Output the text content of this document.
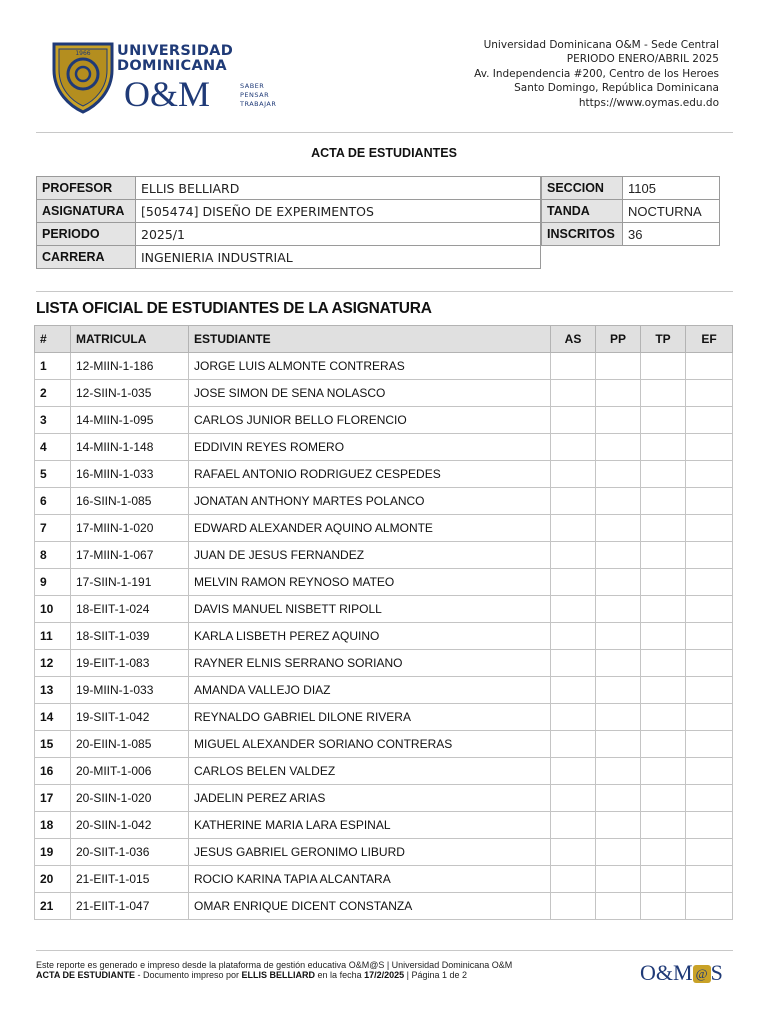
1966 UNIVERSIDAD
DOMINICANA
O&M	SABER
PENSAR
TRABAJAR
Universidad Dominicana O&M - Sede Central
PERIODO ENERO/ABRIL 2025
Av. Independencia #200, Centro de los Heroes
Santo Domingo, República Dominicana
https://www.oymas.edu.do
ACTA DE ESTUDIANTES
PROFESOR	ELLIS BELLIARD
ASIGNATURA	[505474] DISEÑO DE EXPERIMENTOS
PERIODO	2025/1
CARRERA	INGENIERIA INDUSTRIAL
SECCION	1105
TANDA	NOCTURNA
INSCRITOS	36
LISTA OFICIAL DE ESTUDIANTES DE LA ASIGNATURA
#	MATRICULA	ESTUDIANTE	AS	PP	TP	EF
1	12-MIIN-1-186	JORGE LUIS ALMONTE CONTRERAS				
2	12-SIIN-1-035	JOSE SIMON DE SENA NOLASCO				
3	14-MIIN-1-095	CARLOS JUNIOR BELLO FLORENCIO				
4	14-MIIN-1-148	EDDIVIN REYES ROMERO				
5	16-MIIN-1-033	RAFAEL ANTONIO RODRIGUEZ CESPEDES				
6	16-SIIN-1-085	JONATAN ANTHONY MARTES POLANCO				
7	17-MIIN-1-020	EDWARD ALEXANDER AQUINO ALMONTE				
8	17-MIIN-1-067	JUAN DE JESUS FERNANDEZ				
9	17-SIIN-1-191	MELVIN RAMON REYNOSO MATEO				
10	18-EIIT-1-024	DAVIS MANUEL NISBETT RIPOLL				
11	18-SIIT-1-039	KARLA LISBETH PEREZ AQUINO				
12	19-EIIT-1-083	RAYNER ELNIS SERRANO SORIANO				
13	19-MIIN-1-033	AMANDA VALLEJO DIAZ				
14	19-SIIT-1-042	REYNALDO GABRIEL DILONE RIVERA				
15	20-EIIN-1-085	MIGUEL ALEXANDER SORIANO CONTRERAS				
16	20-MIIT-1-006	CARLOS BELEN VALDEZ				
17	20-SIIN-1-020	JADELIN PEREZ ARIAS				
18	20-SIIN-1-042	KATHERINE MARIA LARA ESPINAL				
19	20-SIIT-1-036	JESUS GABRIEL GERONIMO LIBURD				
20	21-EIIT-1-015	ROCIO KARINA TAPIA ALCANTARA				
21	21-EIIT-1-047	OMAR ENRIQUE DICENT CONSTANZA				
Este reporte es generado e impreso desde la plataforma de gestión educativa O&M@S | Universidad Dominicana O&M
ACTA DE ESTUDIANTE - Documento impreso por ELLIS BELLIARD en la fecha 17/2/2025 | Página 1 de 2	O&M @ S
